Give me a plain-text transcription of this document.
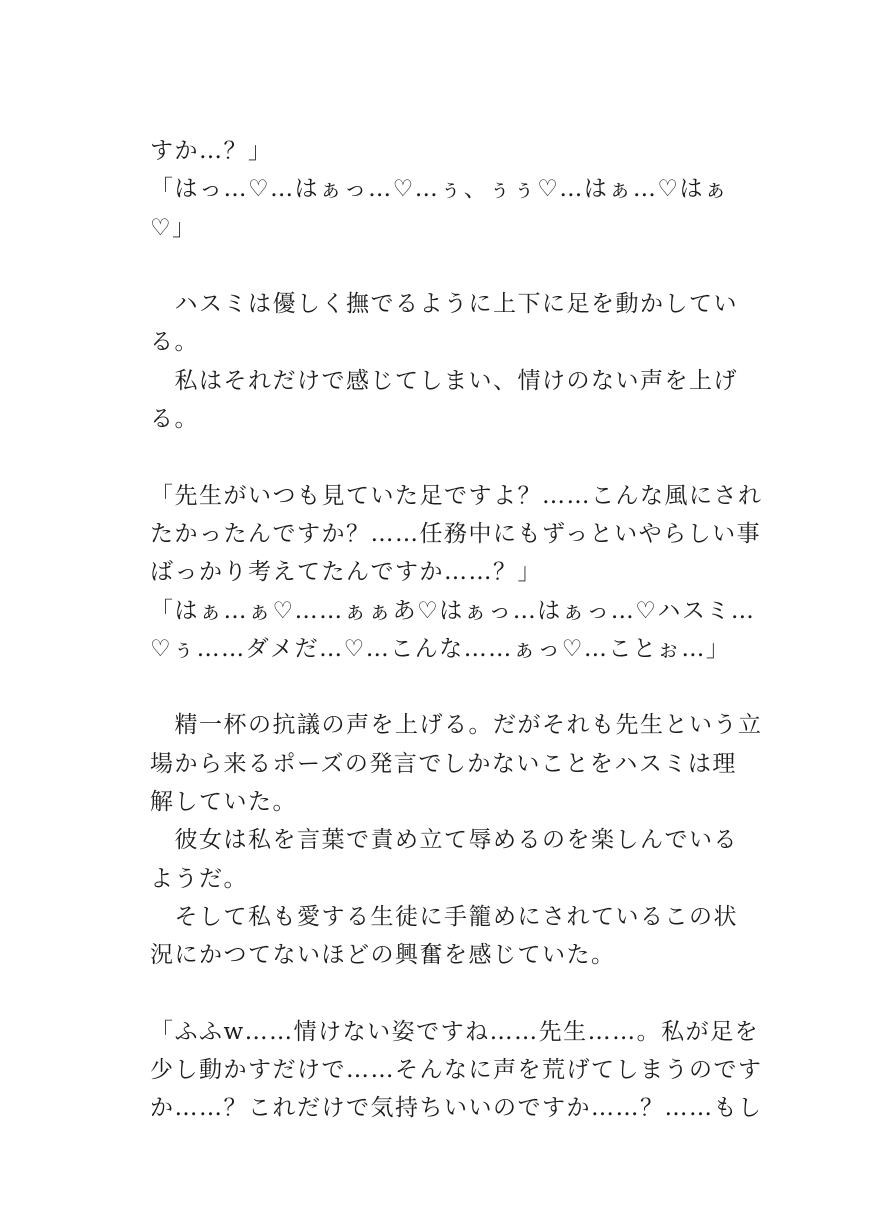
すか…？」
「はっ…♡…はぁっ…♡…ぅ、ぅぅ♡…はぁ…♡はぁ
♡」
　ハスミは優しく撫でるように上下に足を動かしてい
る。
　私はそれだけで感じてしまい、情けのない声を上げ
る。
「先生がいつも見ていた足ですよ？……こんな風にされ
たかったんですか？……任務中にもずっといやらしい事
ばっかり考えてたんですか……？」
「はぁ…ぁ♡……ぁぁあ♡はぁっ…はぁっ…♡ハスミ…
♡ぅ……ダメだ…♡…こんな……ぁっ♡…ことぉ…」
　精一杯の抗議の声を上げる。だがそれも先生という立
場から来るポーズの発言でしかないことをハスミは理
解していた。
　彼女は私を言葉で責め立て辱めるのを楽しんでいる
ようだ。
　そして私も愛する生徒に手籠めにされているこの状
況にかつてないほどの興奮を感じていた。
「ふふw……情けない姿ですね……先生……。私が足を
少し動かすだけで……そんなに声を荒げてしまうのです
か……？これだけで気持ちいいのですか……？……もし
